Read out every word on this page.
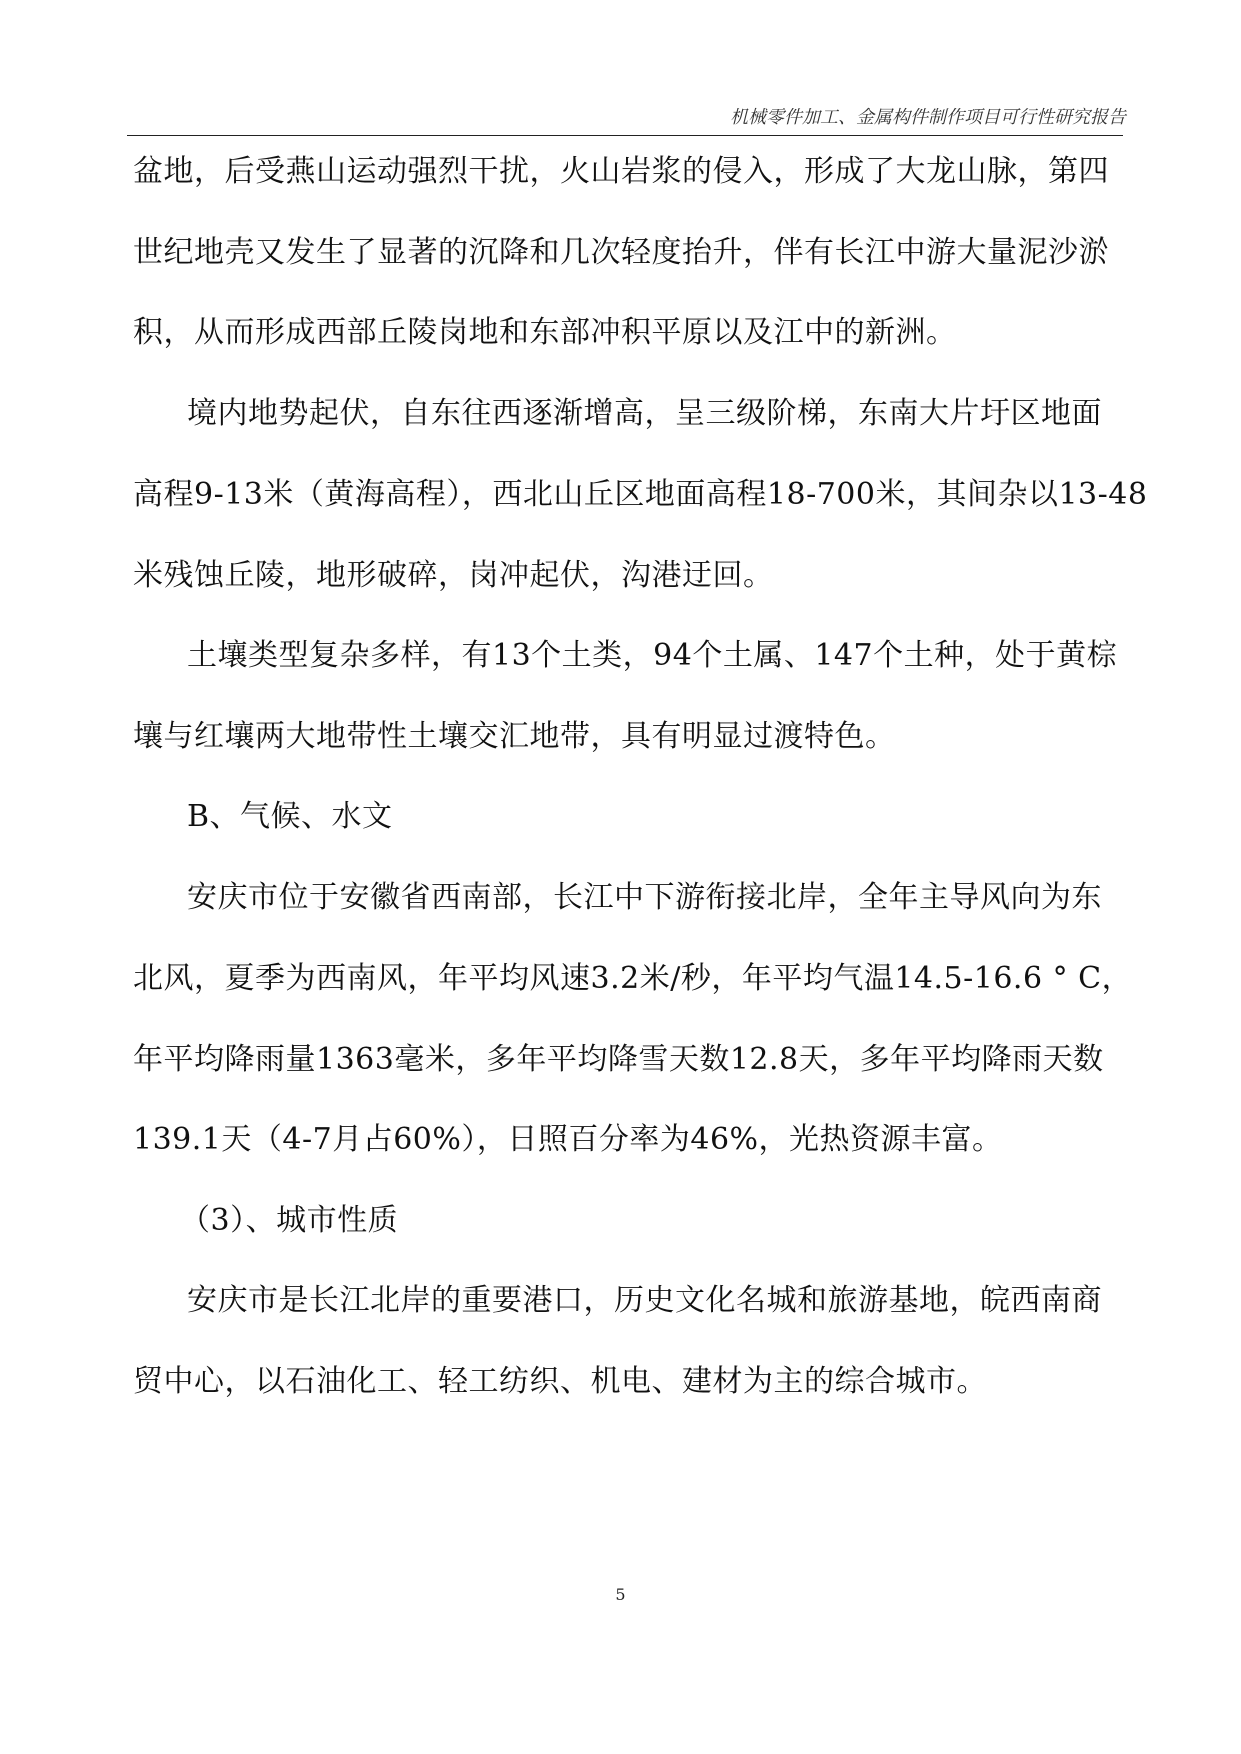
机械零件加工、金属构件制作项目可行性研究报告
盆地，后受燕山运动强烈干扰，火山岩浆的侵入，形成了大龙山脉，第四
世纪地壳又发生了显著的沉降和几次轻度抬升，伴有长江中游大量泥沙淤
积，从而形成西部丘陵岗地和东部冲积平原以及江中的新洲。
境内地势起伏，自东往西逐渐增高，呈三级阶梯，东南大片圩区地面
高程9-13米（黄海高程），西北山丘区地面高程18-700米，其间杂以13-48
米残蚀丘陵，地形破碎，岗冲起伏，沟港迂回。
土壤类型复杂多样，有13个土类，94个土属、147个土种，处于黄棕
壤与红壤两大地带性土壤交汇地带，具有明显过渡特色。
B、气候、水文
安庆市位于安徽省西南部，长江中下游衔接北岸，全年主导风向为东
北风，夏季为西南风，年平均风速3.2米/秒，年平均气温14.5-16.6 ° C，
年平均降雨量1363毫米，多年平均降雪天数12.8天，多年平均降雨天数
139.1天（4-7月占60%），日照百分率为46%，光热资源丰富。
（3）、城市性质
安庆市是长江北岸的重要港口，历史文化名城和旅游基地，皖西南商
贸中心，以石油化工、轻工纺织、机电、建材为主的综合城市。
5
